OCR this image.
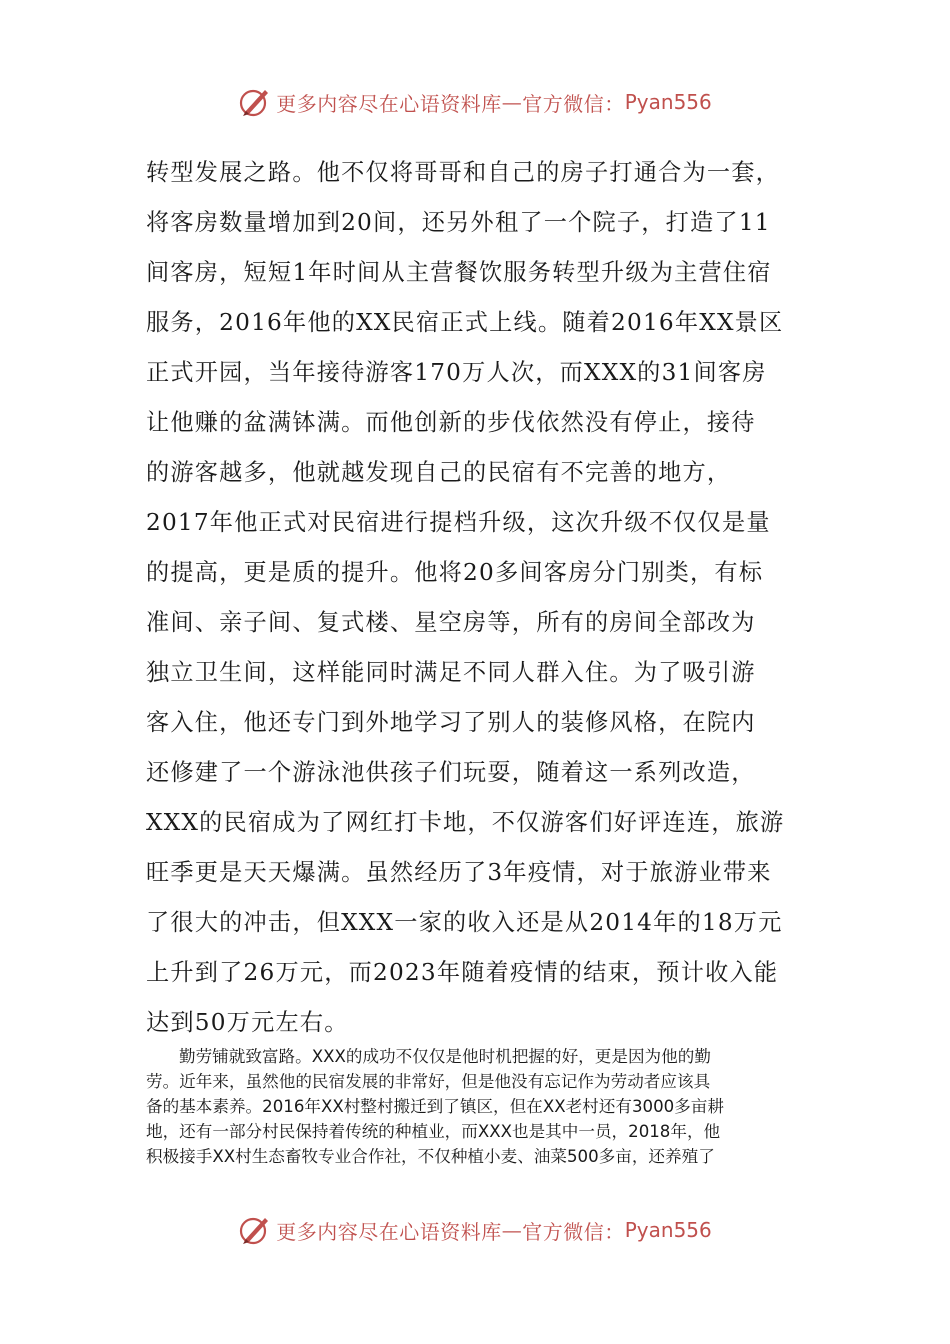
更多内容尽在心语资料库 — 官方微信： Pyan556
转型发展之路。他不仅将哥哥和自己的房子打通合为一套，
将客房数量增加到20间，还另外租了一个院子，打造了11
间客房，短短1年时间从主营餐饮服务转型升级为主营住宿
服务，2016年他的XX民宿正式上线。随着2016年XX景区
正式开园，当年接待游客170万人次，而XXX的31间客房
让他赚的盆满钵满。而他创新的步伐依然没有停止，接待
的游客越多，他就越发现自己的民宿有不完善的地方，
2017年他正式对民宿进行提档升级，这次升级不仅仅是量
的提高，更是质的提升。他将20多间客房分门别类，有标
准间、亲子间、复式楼、星空房等，所有的房间全部改为
独立卫生间，这样能同时满足不同人群入住。为了吸引游
客入住，他还专门到外地学习了别人的装修风格，在院内
还修建了一个游泳池供孩子们玩耍，随着这一系列改造，
XXX的民宿成为了网红打卡地，不仅游客们好评连连，旅游
旺季更是天天爆满。虽然经历了3年疫情，对于旅游业带来
了很大的冲击，但XXX一家的收入还是从2014年的18万元
上升到了26万元，而2023年随着疫情的结束，预计收入能
达到50万元左右。
勤劳铺就致富路。XXX的成功不仅仅是他时机把握的好，更是因为他的勤
劳。近年来，虽然他的民宿发展的非常好，但是他没有忘记作为劳动者应该具
备的基本素养。2016年XX村整村搬迁到了镇区，但在XX老村还有3000多亩耕
地，还有一部分村民保持着传统的种植业，而XXX也是其中一员，2018年，他
积极接手XX村生态畜牧专业合作社，不仅种植小麦、油菜500多亩，还养殖了
更多内容尽在心语资料库 — 官方微信： Pyan556
